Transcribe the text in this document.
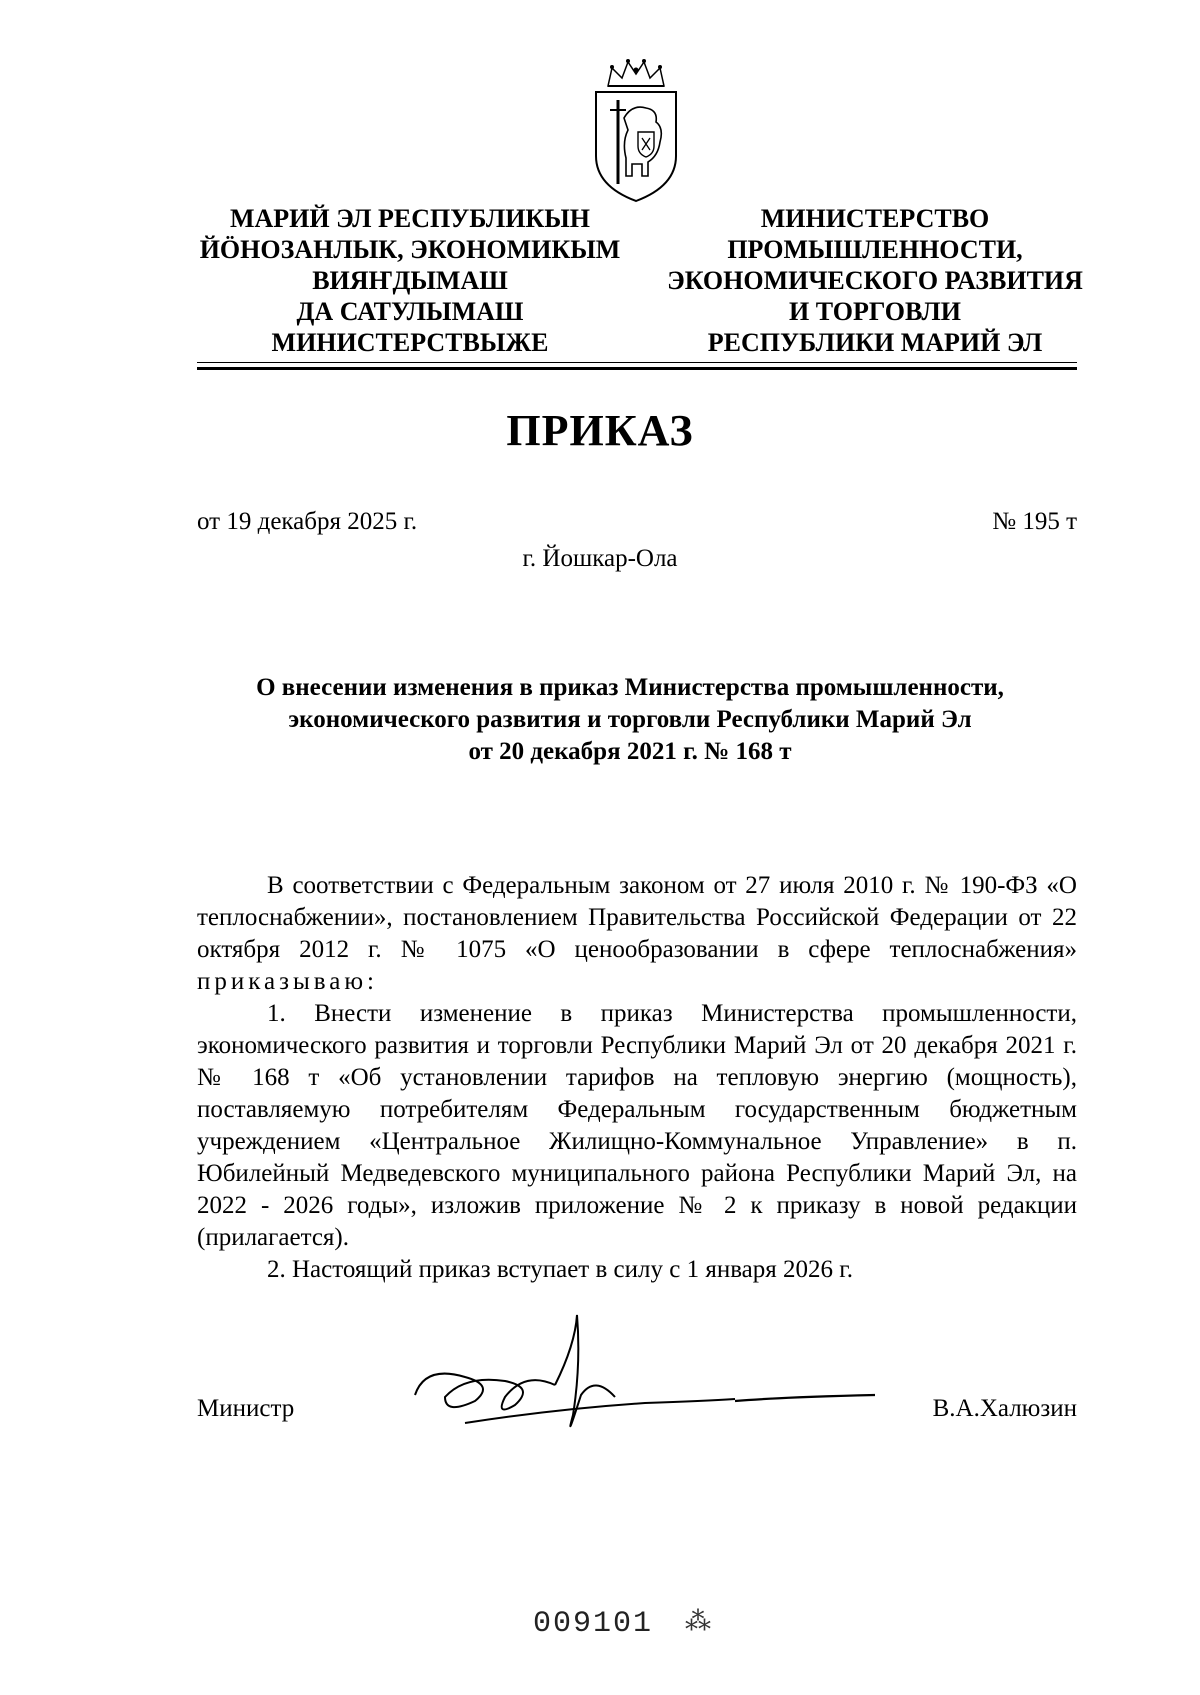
МАРИЙ ЭЛ РЕСПУБЛИКЫН
ЙӦНОЗАНЛЫК, ЭКОНОМИКЫМ
ВИЯҤДЫМАШ
ДА САТУЛЫМАШ
МИНИСТЕРСТВЫЖЕ
МИНИСТЕРСТВО
ПРОМЫШЛЕННОСТИ,
ЭКОНОМИЧЕСКОГО РАЗВИТИЯ
И ТОРГОВЛИ
РЕСПУБЛИКИ МАРИЙ ЭЛ
ПРИКАЗ
от 19 декабря 2025 г.	№ 195 т
г. Йошкар-Ола
О внесении изменения в приказ Министерства промышленности,
экономического развития и торговли Республики Марий Эл
от 20 декабря 2021 г. № 168 т

В соответствии с Федеральным законом от 27 июля 2010 г. № 190-ФЗ «О теплоснабжении», постановлением Правительства Российской Федерации от 22 октября 2012 г. № 1075 «О ценообразовании в сфере теплоснабжения» приказываю:

1. Внести изменение в приказ Министерства промышленности, экономического развития и торговли Республики Марий Эл от 20 декабря 2021 г. № 168 т «Об установлении тарифов на тепловую энергию (мощность), поставляемую потребителям Федеральным государственным бюджетным учреждением «Центральное Жилищно-Коммунальное Управление» в п. Юбилейный Медведевского муниципального района Республики Марий Эл, на 2022 - 2026 годы», изложив приложение № 2 к приказу в новой редакции (прилагается).

2. Настоящий приказ вступает в силу с 1 января 2026 г.

Министр	В.А.Халюзин
009101 ⁂
